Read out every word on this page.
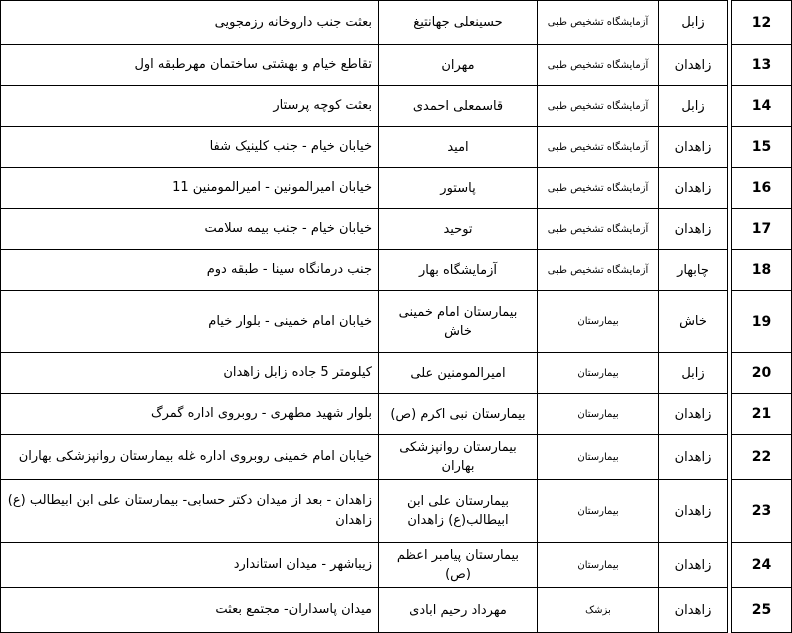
12		زابل	آزمایشگاه تشخیص طبی	حسینعلی جهانتیغ	بعثت جنب داروخانه رزمجویی
13		زاهدان	آزمایشگاه تشخیص طبی	مهران	تقاطع خیام و بهشتی ساختمان مهرطبقه اول
14		زابل	آزمایشگاه تشخیص طبی	قاسمعلی احمدی	بعثت کوچه پرستار
15		زاهدان	آزمایشگاه تشخیص طبی	امید	خیابان خیام - جنب کلینیک شفا
16		زاهدان	آزمایشگاه تشخیص طبی	پاستور	خیابان امیرالمونین - امیرالمومنین 11
17		زاهدان	آزمایشگاه تشخیص طبی	توحید	خیابان خیام - جنب بیمه سلامت
18		چابهار	آزمایشگاه تشخیص طبی	آزمایشگاه بهار	جنب درمانگاه سینا - طبقه دوم
19		خاش	بیمارستان	بیمارستان امام خمینی خاش	خیابان امام خمینی - بلوار خیام
20		زابل	بیمارستان	امیرالمومنین علی	کیلومتر 5 جاده زابل زاهدان
21		زاهدان	بیمارستان	بیمارستان نبی اکرم (ص)	بلوار شهید مطهری - روبروی اداره گمرگ
22		زاهدان	بیمارستان	بیمارستان روانپزشکی بهاران	خیابان امام خمینی روبروی اداره غله بیمارستان روانپزشکی بهاران
23		زاهدان	بیمارستان	بیمارستان علی ابن ابیطالب(ع) زاهدان	زاهدان - بعد از میدان دکتر حسابی- بیمارستان علی ابن ابیطالب (ع) زاهدان
24		زاهدان	بیمارستان	بیمارستان پیامبر اعظم (ص)	زیباشهر - میدان استاندارد
25		زاهدان	بزشک	مهرداد رحیم ابادی	میدان پاسداران- مجتمع بعثت
